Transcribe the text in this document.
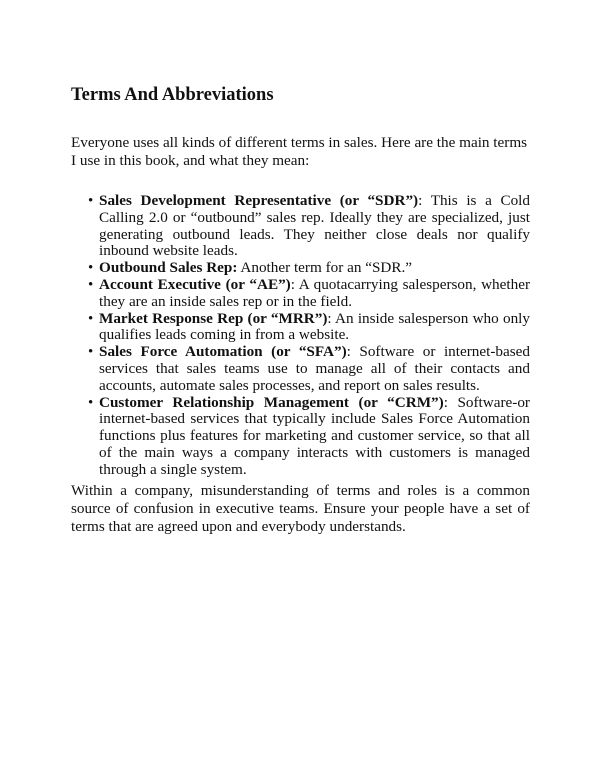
Terms And Abbreviations

Everyone uses all kinds of different terms in sales. Here are the main terms I use in this book, and what they mean:

• Sales Development Representative (or “SDR”): This is a Cold Calling 2.0 or “outbound” sales rep. Ideally they are specialized, just generating outbound leads. They neither close deals nor qualify inbound website leads.
• Outbound Sales Rep: Another term for an “SDR.”
• Account Executive (or “AE”): A quotacarrying salesperson, whether they are an inside sales rep or in the field.
• Market Response Rep (or “MRR”): An inside salesperson who only qualifies leads coming in from a website.
• Sales Force Automation (or “SFA”): Software or internet-based services that sales teams use to manage all of their contacts and accounts, automate sales processes, and report on sales results.
• Customer Relationship Management (or “CRM”): Software-or internet-based services that typically include Sales Force Automation functions plus features for marketing and customer service, so that all of the main ways a company interacts with customers is managed through a single system.

Within a company, misunderstanding of terms and roles is a common source of confusion in executive teams. Ensure your people have a set of terms that are agreed upon and everybody understands.
